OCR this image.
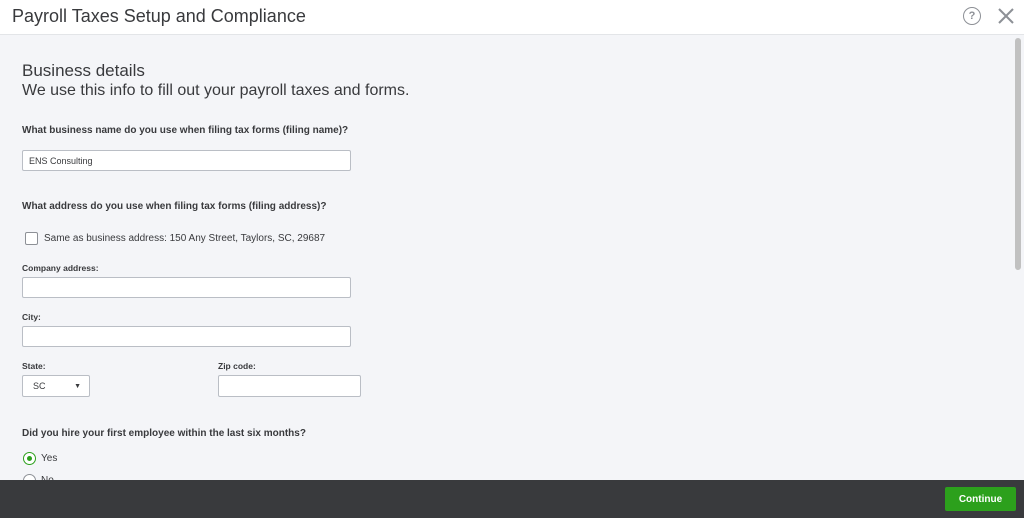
Payroll Taxes Setup and Compliance	?
Business details
We use this info to fill out your payroll taxes and forms.
What business name do you use when filing tax forms (filing name)?
ENS Consulting
What address do you use when filing tax forms (filing address)?
Same as business address: 150 Any Street, Taylors, SC, 29687
Company address:
City:
State:
SC	▼
Zip code:
Did you hire your first employee within the last six months?
Yes
Continue
